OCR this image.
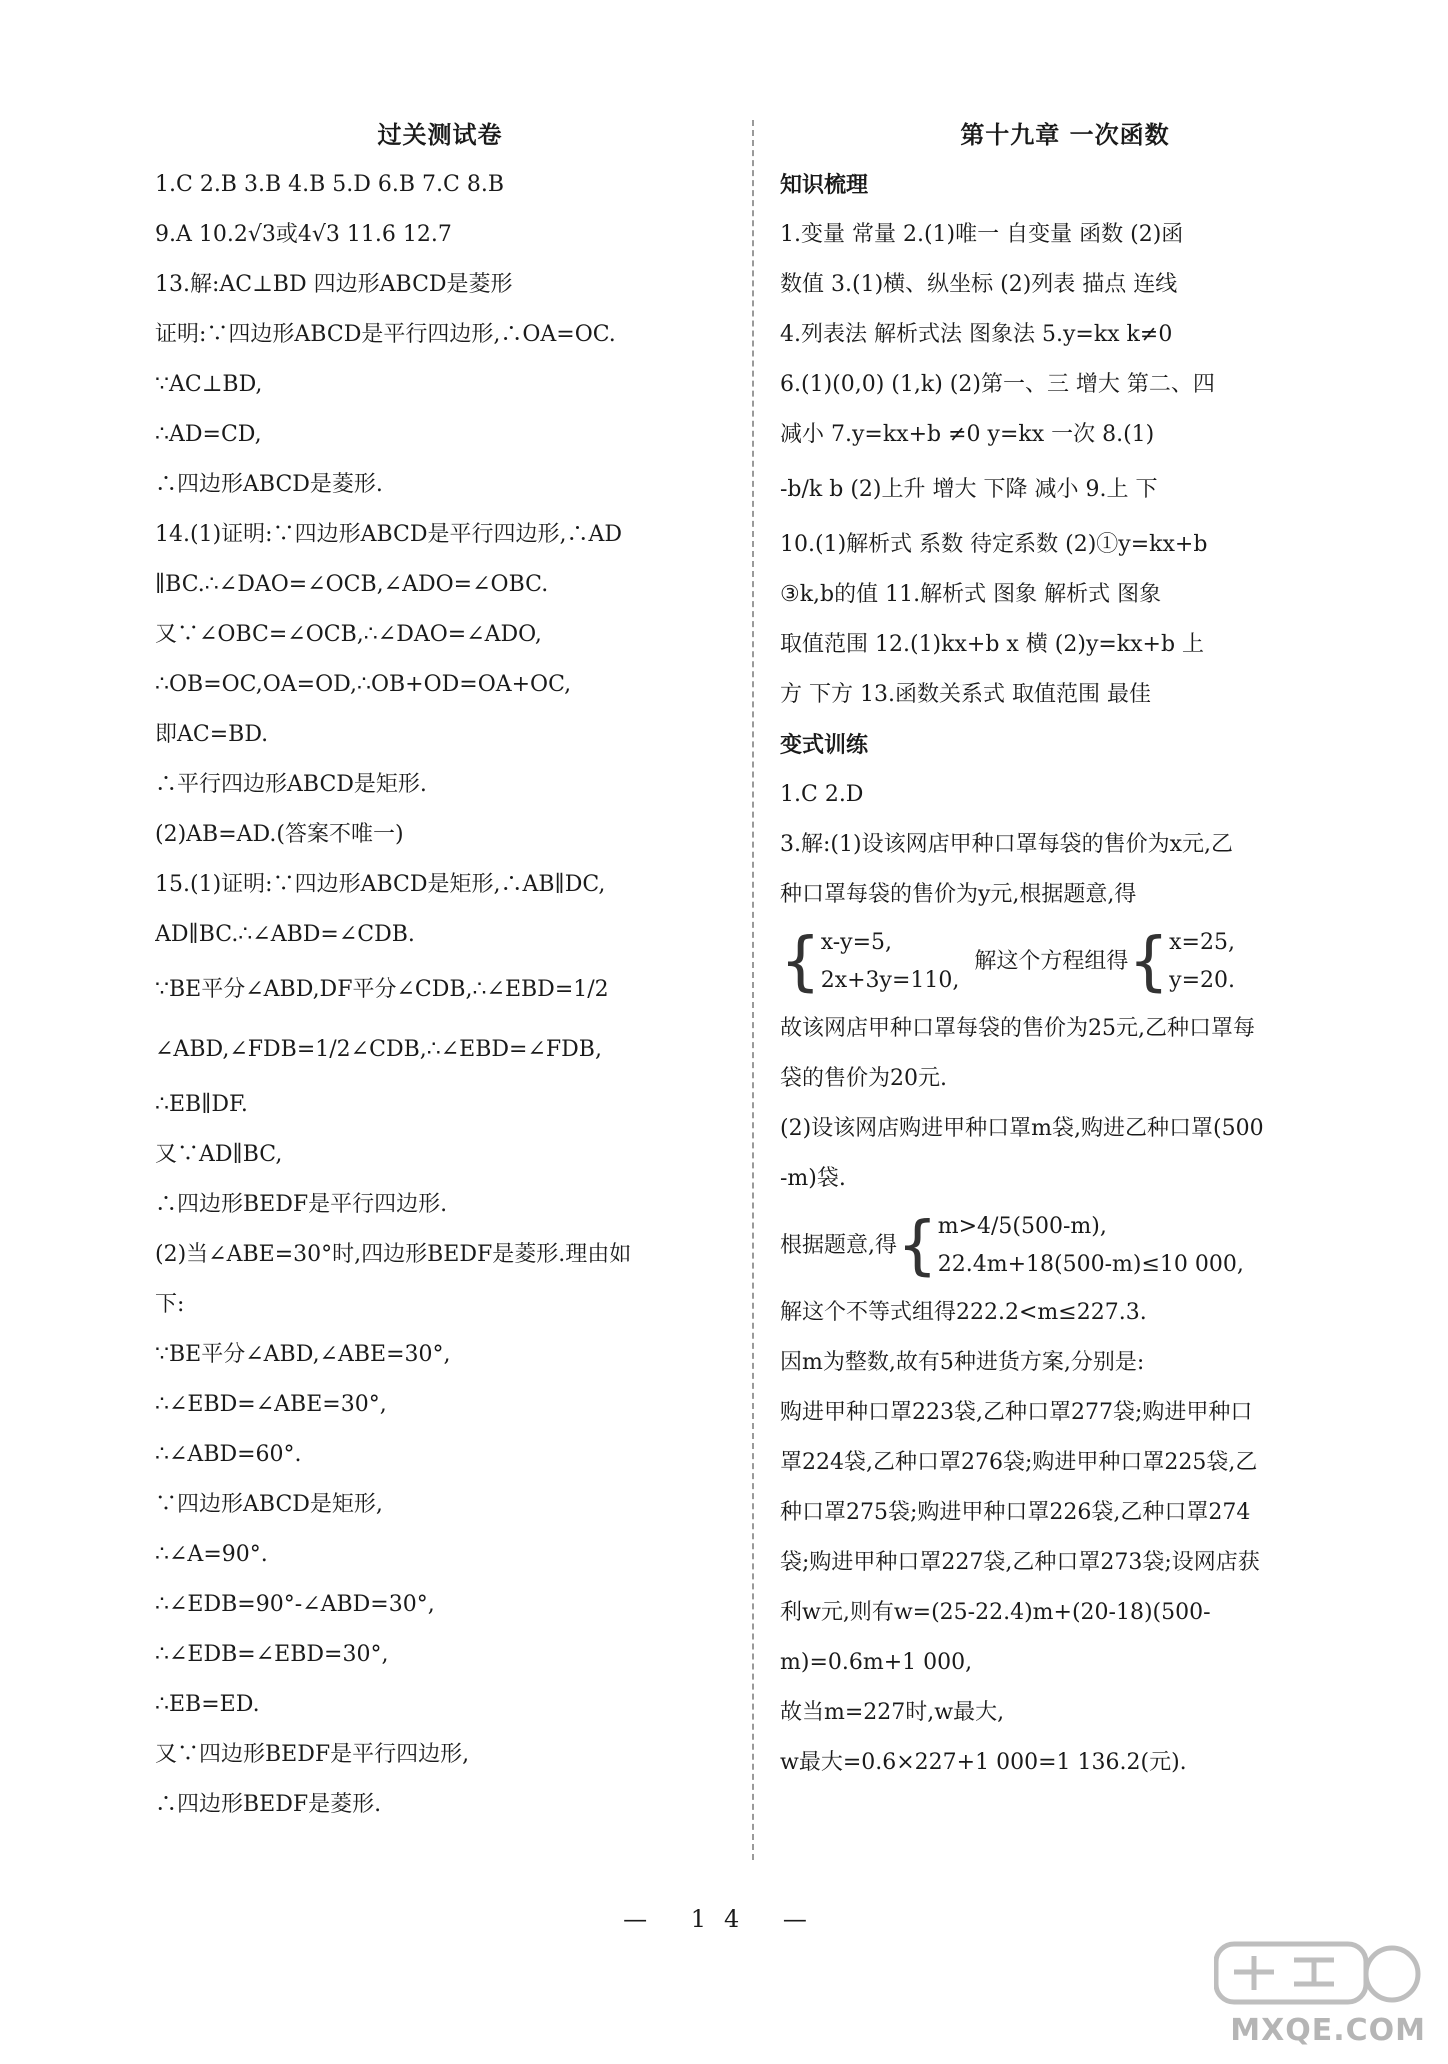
过关测试卷
1.C 2.B 3.B 4.B 5.D 6.B 7.C 8.B
9.A 10.2√3或4√3 11.6 12.7
13.解:AC⊥BD 四边形ABCD是菱形
证明:∵四边形ABCD是平行四边形,∴OA=OC.
∵AC⊥BD,
∴AD=CD,
∴四边形ABCD是菱形.
14.(1)证明:∵四边形ABCD是平行四边形,∴AD
∥BC.∴∠DAO=∠OCB,∠ADO=∠OBC.
又∵∠OBC=∠OCB,∴∠DAO=∠ADO,
∴OB=OC,OA=OD,∴OB+OD=OA+OC,
即AC=BD.
∴平行四边形ABCD是矩形.
(2)AB=AD.(答案不唯一)
15.(1)证明:∵四边形ABCD是矩形,∴AB∥DC,
AD∥BC.∴∠ABD=∠CDB.
∵BE平分∠ABD,DF平分∠CDB,∴∠EBD=1/2
∠ABD,∠FDB=1/2∠CDB,∴∠EBD=∠FDB,
∴EB∥DF.
又∵AD∥BC,
∴四边形BEDF是平行四边形.
(2)当∠ABE=30°时,四边形BEDF是菱形.理由如
下:
∵BE平分∠ABD,∠ABE=30°,
∴∠EBD=∠ABE=30°,
∴∠ABD=60°.
∵四边形ABCD是矩形,
∴∠A=90°.
∴∠EDB=90°-∠ABD=30°,
∴∠EDB=∠EBD=30°,
∴EB=ED.
又∵四边形BEDF是平行四边形,
∴四边形BEDF是菱形.
第十九章 一次函数
知识梳理
1.变量 常量 2.(1)唯一 自变量 函数 (2)函
数值 3.(1)横、纵坐标 (2)列表 描点 连线
4.列表法 解析式法 图象法 5.y=kx k≠0
6.(1)(0,0) (1,k) (2)第一、三 增大 第二、四
减小 7.y=kx+b ≠0 y=kx 一次 8.(1)
-b/k b (2)上升 增大 下降 减小 9.上 下
10.(1)解析式 系数 待定系数 (2)①y=kx+b
③k,b的值 11.解析式 图象 解析式 图象
取值范围 12.(1)kx+b x 横 (2)y=kx+b 上
方 下方 13.函数关系式 取值范围 最佳
变式训练
1.C 2.D
3.解:(1)设该网店甲种口罩每袋的售价为x元,乙
种口罩每袋的售价为y元,根据题意,得
{x-y=5,
2x+3y=110, 解这个方程组得{x=25,
y=20.
故该网店甲种口罩每袋的售价为25元,乙种口罩每
袋的售价为20元.
(2)设该网店购进甲种口罩m袋,购进乙种口罩(500
-m)袋.
根据题意,得{m>4/5(500-m),
22.4m+18(500-m)≤10 000,
解这个不等式组得222.2<m≤227.3.
因m为整数,故有5种进货方案,分别是:
购进甲种口罩223袋,乙种口罩277袋;购进甲种口
罩224袋,乙种口罩276袋;购进甲种口罩225袋,乙
种口罩275袋;购进甲种口罩226袋,乙种口罩274
袋;购进甲种口罩227袋,乙种口罩273袋;设网店获
利w元,则有w=(25-22.4)m+(20-18)(500-
m)=0.6m+1 000,
故当m=227时,w最大,
w最大=0.6×227+1 000=1 136.2(元).
— 14 —
MXQE.COM
